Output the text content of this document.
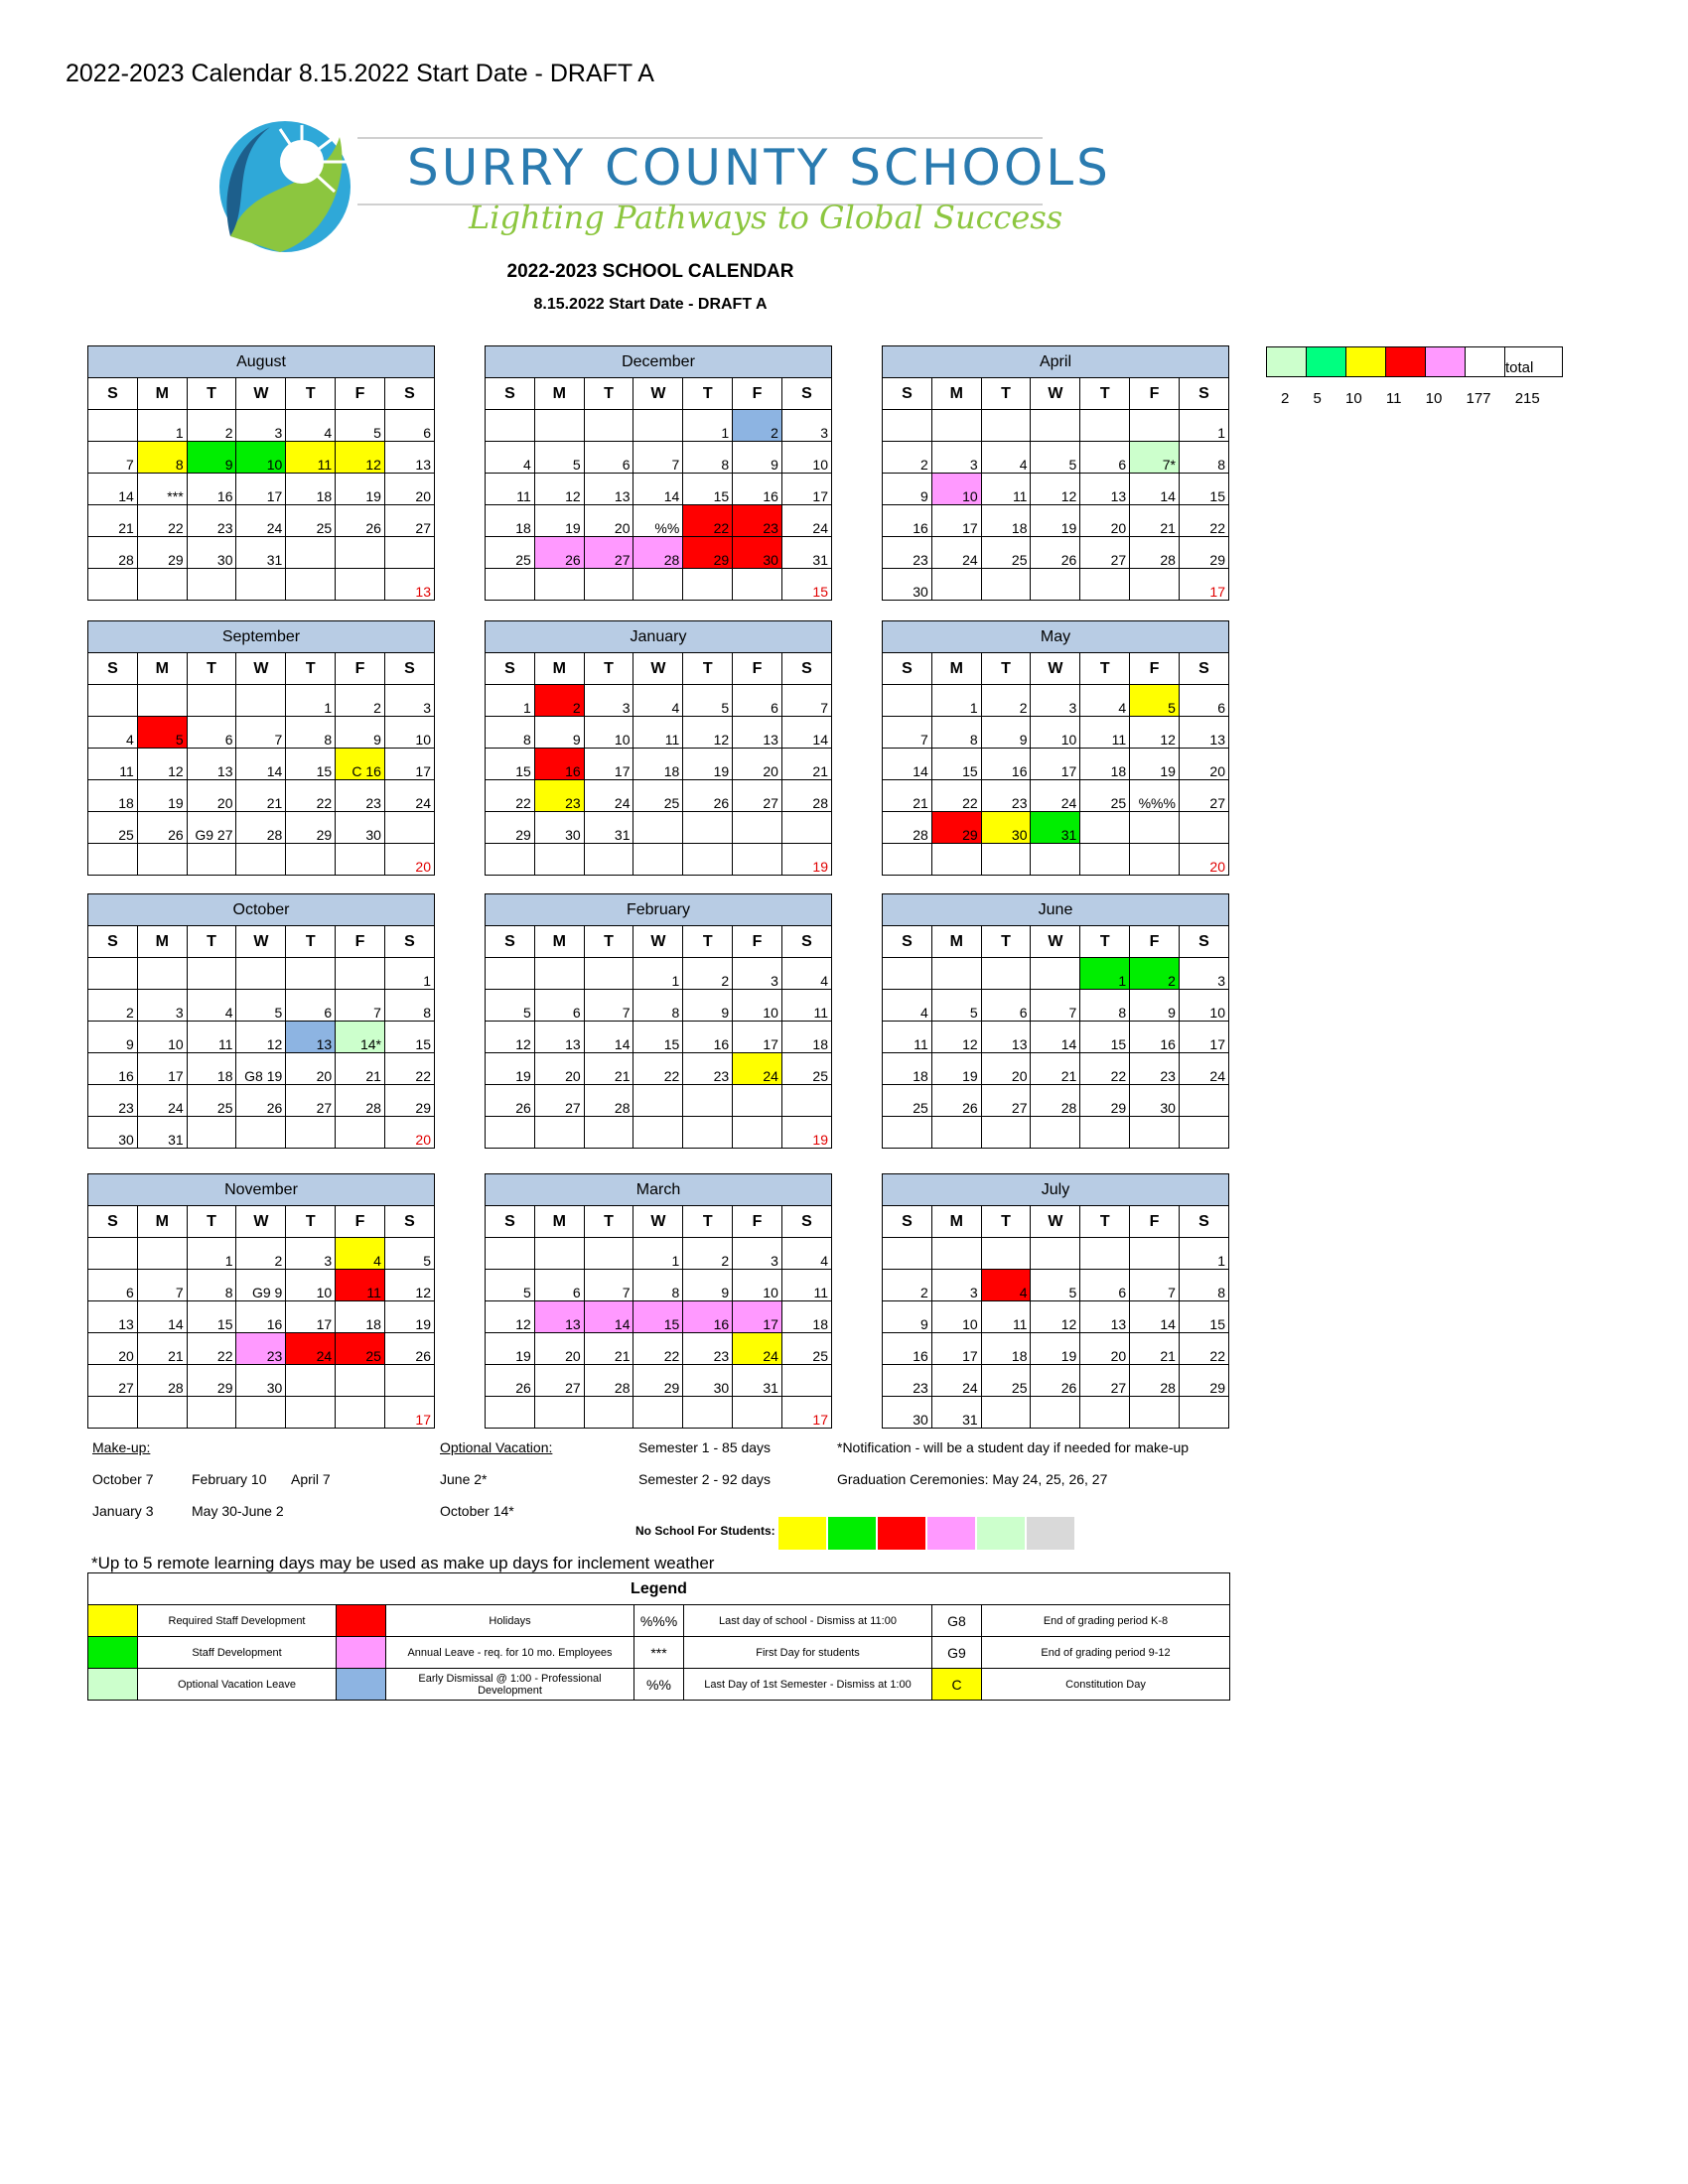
2022-2023 Calendar 8.15.2022 Start Date - DRAFT A
SURRY COUNTY SCHOOLS
Lighting Pathways to Global Success
2022-2023 SCHOOL CALENDAR
8.15.2022 Start Date - DRAFT A
August						
S	M	T	W	T	F	S
	1	2	3	4	5	6
7	8	9	10	11	12	13
14	***	16	17	18	19	20
21	22	23	24	25	26	27
28	29	30	31			
						13
December						
S	M	T	W	T	F	S
				1	2	3
4	5	6	7	8	9	10
11	12	13	14	15	16	17
18	19	20	%%	22	23	24
25	26	27	28	29	30	31
						15
April						
S	M	T	W	T	F	S
						1
2	3	4	5	6	7*	8
9	10	11	12	13	14	15
16	17	18	19	20	21	22
23	24	25	26	27	28	29
30						17
September						
S	M	T	W	T	F	S
				1	2	3
4	5	6	7	8	9	10
11	12	13	14	15	C 16	17
18	19	20	21	22	23	24
25	26	G9 27	28	29	30	
						20
January						
S	M	T	W	T	F	S
1	2	3	4	5	6	7
8	9	10	11	12	13	14
15	16	17	18	19	20	21
22	23	24	25	26	27	28
29	30	31				
						19
May						
S	M	T	W	T	F	S
	1	2	3	4	5	6
7	8	9	10	11	12	13
14	15	16	17	18	19	20
21	22	23	24	25	%%%	27
28	29	30	31			
						20
October						
S	M	T	W	T	F	S
						1
2	3	4	5	6	7	8
9	10	11	12	13	14*	15
16	17	18	G8 19	20	21	22
23	24	25	26	27	28	29
30	31					20
February						
S	M	T	W	T	F	S
			1	2	3	4
5	6	7	8	9	10	11
12	13	14	15	16	17	18
19	20	21	22	23	24	25
26	27	28				
						19
June						
S	M	T	W	T	F	S
				1	2	3
4	5	6	7	8	9	10
11	12	13	14	15	16	17
18	19	20	21	22	23	24
25	26	27	28	29	30	

November						
S	M	T	W	T	F	S
		1	2	3	4	5
6	7	8	G9 9	10	11	12
13	14	15	16	17	18	19
20	21	22	23	24	25	26
27	28	29	30			
						17
March						
S	M	T	W	T	F	S
			1	2	3	4
5	6	7	8	9	10	11
12	13	14	15	16	17	18
19	20	21	22	23	24	25
26	27	28	29	30	31	
						17
July						
S	M	T	W	T	F	S
						1
2	3	4	5	6	7	8
9	10	11	12	13	14	15
16	17	18	19	20	21	22
23	24	25	26	27	28	29
30	31					
						total
2 5 10 11 10 177 215
Make-up:
October 7	February 10 April 7
January 3	May 30-June 2
Optional Vacation:
June 2*
October 14*
Semester 1 - 85 days
Semester 2 - 92 days
*Notification - will be a student day if needed for make-up
Graduation Ceremonies: May 24, 25, 26, 27
No School For Students:
*Up to 5 remote learning days may be used as make up days for inclement weather
Legend							
	Required Staff Development		Holidays	%%%	Last day of school - Dismiss at 11:00	G8	End of grading period K-8
	Staff Development		Annual Leave - req. for 10 mo. Employees	***	First Day for students	G9	End of grading period 9-12
	Optional Vacation Leave		Early Dismissal @ 1:00 - Professional Development	%%	Last Day of 1st Semester - Dismiss at 1:00	C	Constitution Day
